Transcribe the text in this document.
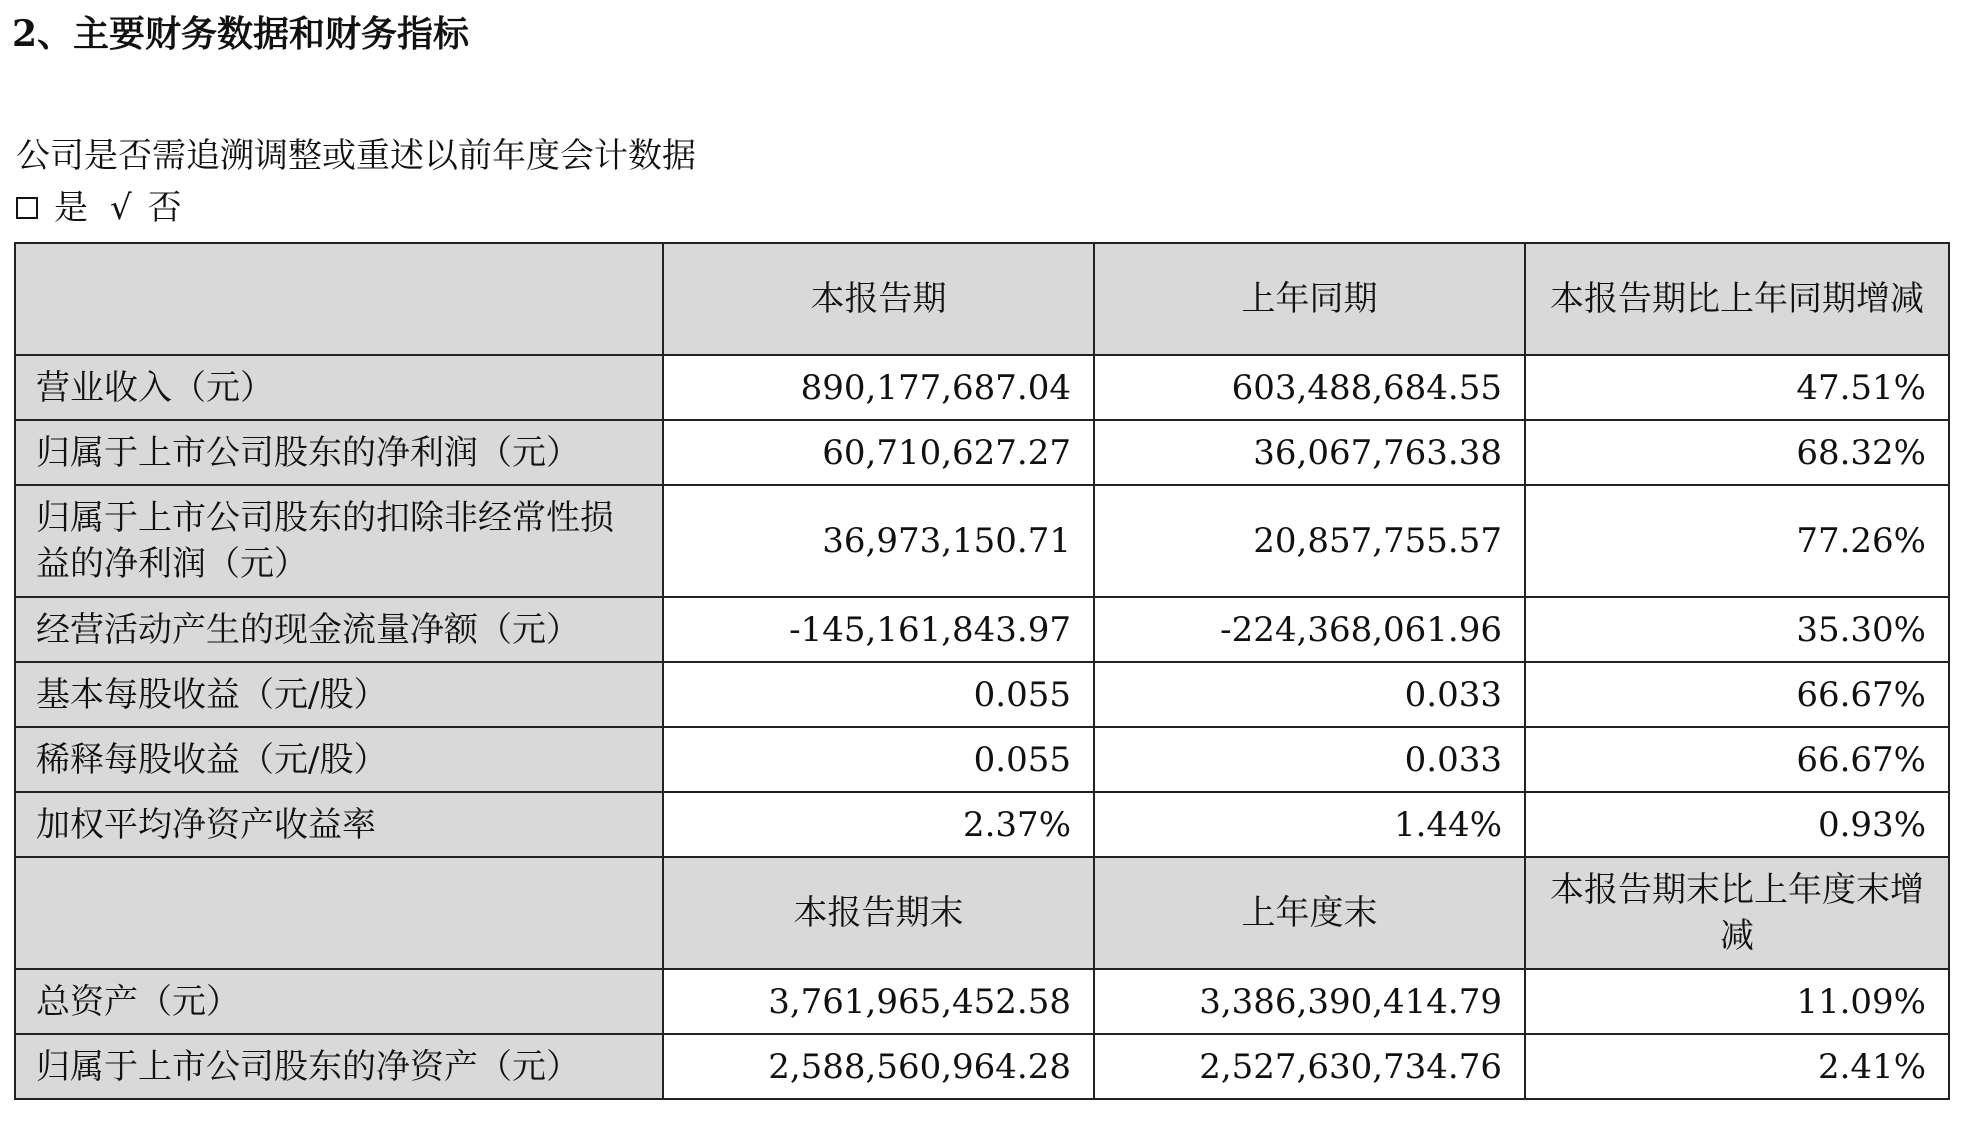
2、主要财务数据和财务指标
公司是否需追溯调整或重述以前年度会计数据
是 √ 否
	本报告期	上年同期	本报告期比上年同期增减
营业收入（元）	890,177,687.04	603,488,684.55	47.51%
归属于上市公司股东的净利润（元）	60,710,627.27	36,067,763.38	68.32%
归属于上市公司股东的扣除非经常性损益的净利润（元）	36,973,150.71	20,857,755.57	77.26%
经营活动产生的现金流量净额（元）	-145,161,843.97	-224,368,061.96	35.30%
基本每股收益（元/股）	0.055	0.033	66.67%
稀释每股收益（元/股）	0.055	0.033	66.67%
加权平均净资产收益率	2.37%	1.44%	0.93%
	本报告期末	上年度末	本报告期末比上年度末增减
总资产（元）	3,761,965,452.58	3,386,390,414.79	11.09%
归属于上市公司股东的净资产（元）	2,588,560,964.28	2,527,630,734.76	2.41%
